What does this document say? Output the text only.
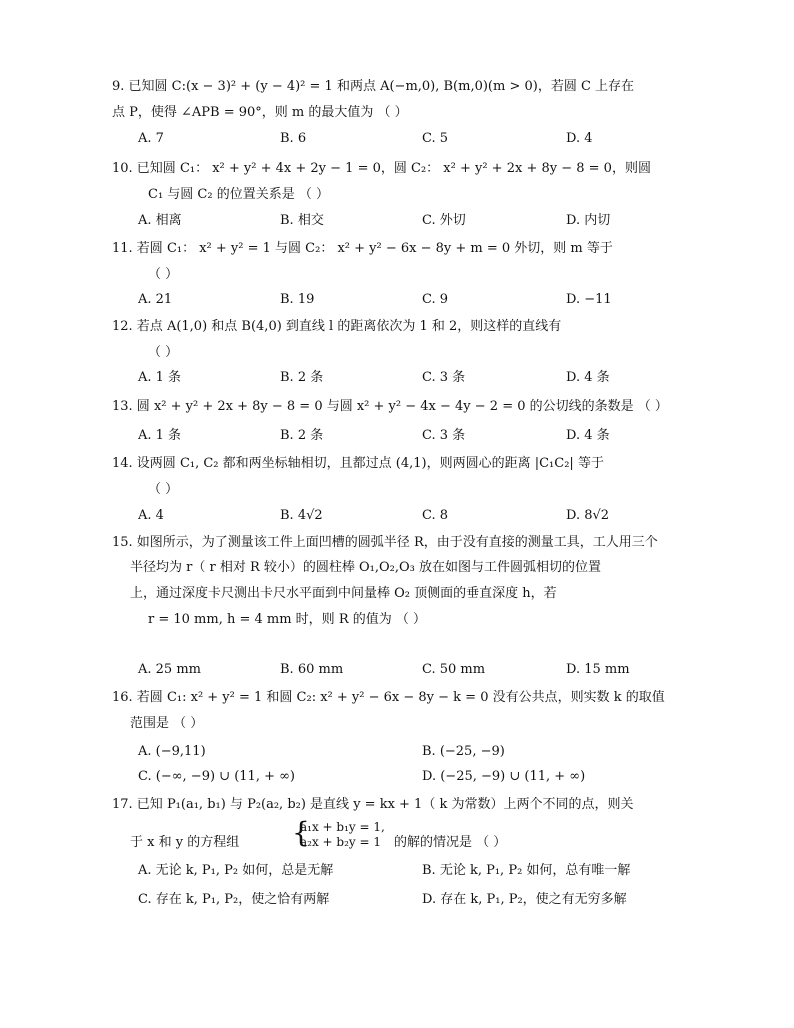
9. 已知圆 C:(x − 3)² + (y − 4)² = 1 和两点 A(−m,0), B(m,0)(m > 0)，若圆 C 上存在
点 P，使得 ∠APB = 90°，则 m 的最大值为 （ ）
10. 已知圆 C₁： x² + y² + 4x + 2y − 1 = 0，圆 C₂： x² + y² + 2x + 8y − 8 = 0，则圆
C₁ 与圆 C₂ 的位置关系是 （ ）
11. 若圆 C₁： x² + y² = 1 与圆 C₂： x² + y² − 6x − 8y + m = 0 外切，则 m 等于
（ ）
12. 若点 A(1,0) 和点 B(4,0) 到直线 l 的距离依次为 1 和 2，则这样的直线有
（ ）
13. 圆 x² + y² + 2x + 8y − 8 = 0 与圆 x² + y² − 4x − 4y − 2 = 0 的公切线的条数是 （ ）
14. 设两圆 C₁, C₂ 都和两坐标轴相切，且都过点 (4,1)，则两圆心的距离 |C₁C₂| 等于
（ ）
15. 如图所示，为了测量该工件上面凹槽的圆弧半径 R，由于没有直接的测量工具，工人用三个
半径均为 r（ r 相对 R 较小）的圆柱棒 O₁,O₂,O₃ 放在如图与工件圆弧相切的位置
上，通过深度卡尺测出卡尺水平面到中间量棒 O₂ 顶侧面的垂直深度 h，若
r = 10 mm, h = 4 mm 时，则 R 的值为 （ ）
16. 若圆 C₁: x² + y² = 1 和圆 C₂: x² + y² − 6x − 8y − k = 0 没有公共点，则实数 k 的取值
范围是 （ ）
17. 已知 P₁(a₁, b₁) 与 P₂(a₂, b₂) 是直线 y = kx + 1（ k 为常数）上两个不同的点，则关
于 x 和 y 的方程组	的解的情况是 （ ）
A. 7	B. 6	C. 5	D. 4
A. 相离	B. 相交	C. 外切	D. 内切
A. 21	B. 19	C. 9	D. −11
A. 1 条	B. 2 条	C. 3 条	D. 4 条
A. 1 条	B. 2 条	C. 3 条	D. 4 条
A. 4	B. 4√2	C. 8	D. 8√2
A. 25 mm	B. 60 mm	C. 50 mm	D. 15 mm
A. (−9,11)	B. (−25, −9)
C. (−∞, −9) ∪ (11, + ∞)	D. (−25, −9) ∪ (11, + ∞)
A. 无论 k, P₁, P₂ 如何，总是无解	B. 无论 k, P₁, P₂ 如何，总有唯一解
C. 存在 k, P₁, P₂，使之恰有两解	D. 存在 k, P₁, P₂，使之有无穷多解
{
a₁x + b₁y = 1,
a₂x + b₂y = 1
